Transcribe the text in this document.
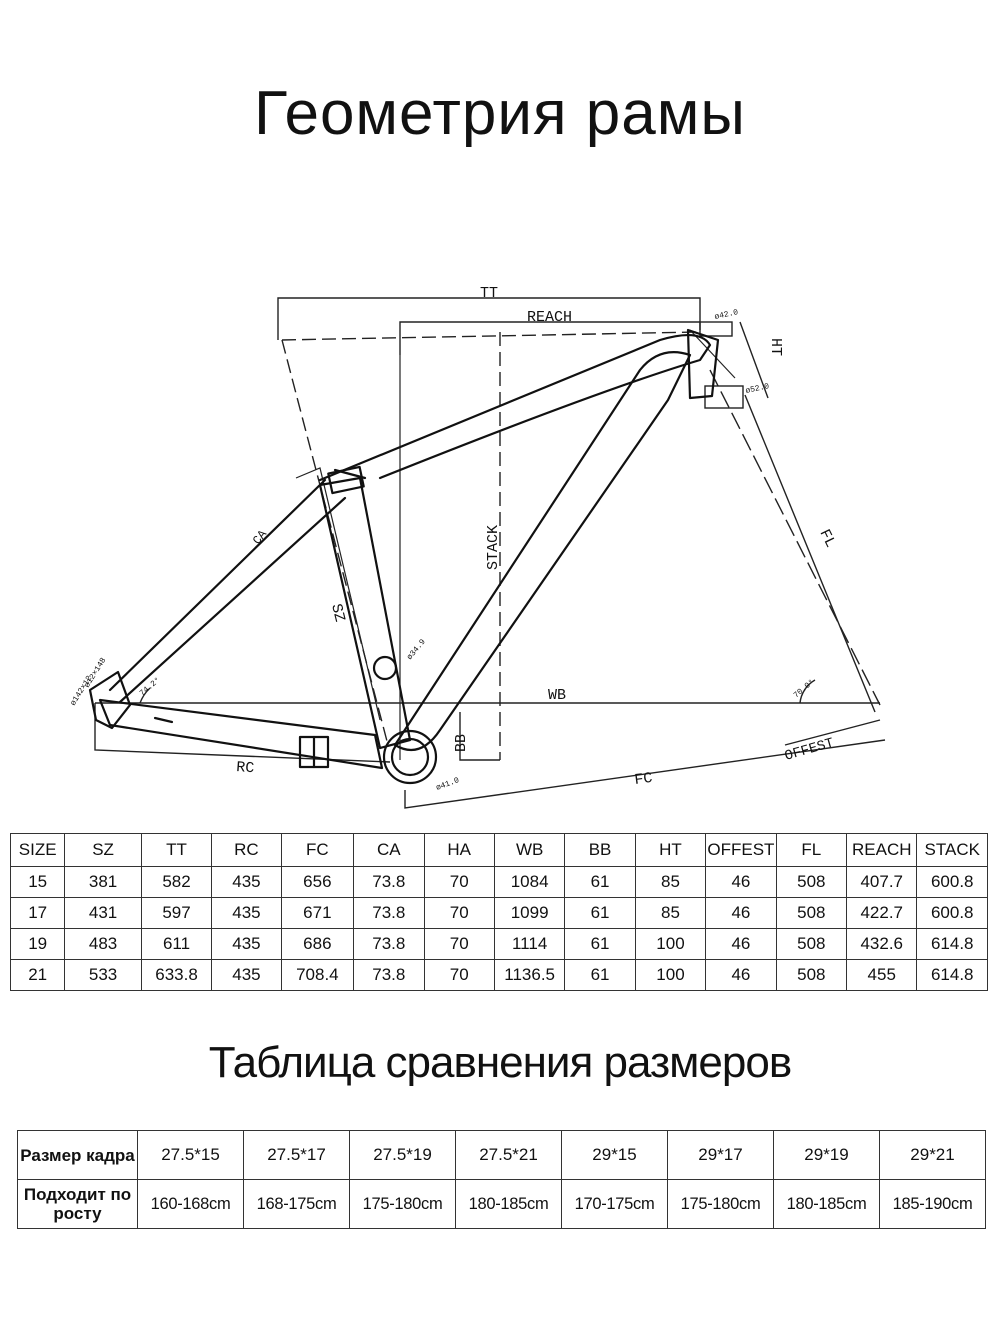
Геометрия рамы
TT
REACH
HT
STACK	FL
SZ
CA
WB
BB
RC
FC
OFFEST
ø42.0
ø52.0
ø34.9
ø41.0
ø12×148
ø142×12	74.2°	70.0°
SIZE	SZ	TT	RC	FC	CA	HA	WB	BB	HT	OFFEST	FL	REACH	STACK
15	381	582	435	656	73.8	70	1084	61	85	46	508	407.7	600.8
17	431	597	435	671	73.8	70	1099	61	85	46	508	422.7	600.8
19	483	611	435	686	73.8	70	1114	61	100	46	508	432.6	614.8
21	533	633.8	435	708.4	73.8	70	1136.5	61	100	46	508	455	614.8
Таблица сравнения размеров
Размер кадра	27.5*15	27.5*17	27.5*19	27.5*21	29*15	29*17	29*19	29*21
Подходит по росту	160-168cm	168-175cm	175-180cm	180-185cm	170-175cm	175-180cm	180-185cm	185-190cm
